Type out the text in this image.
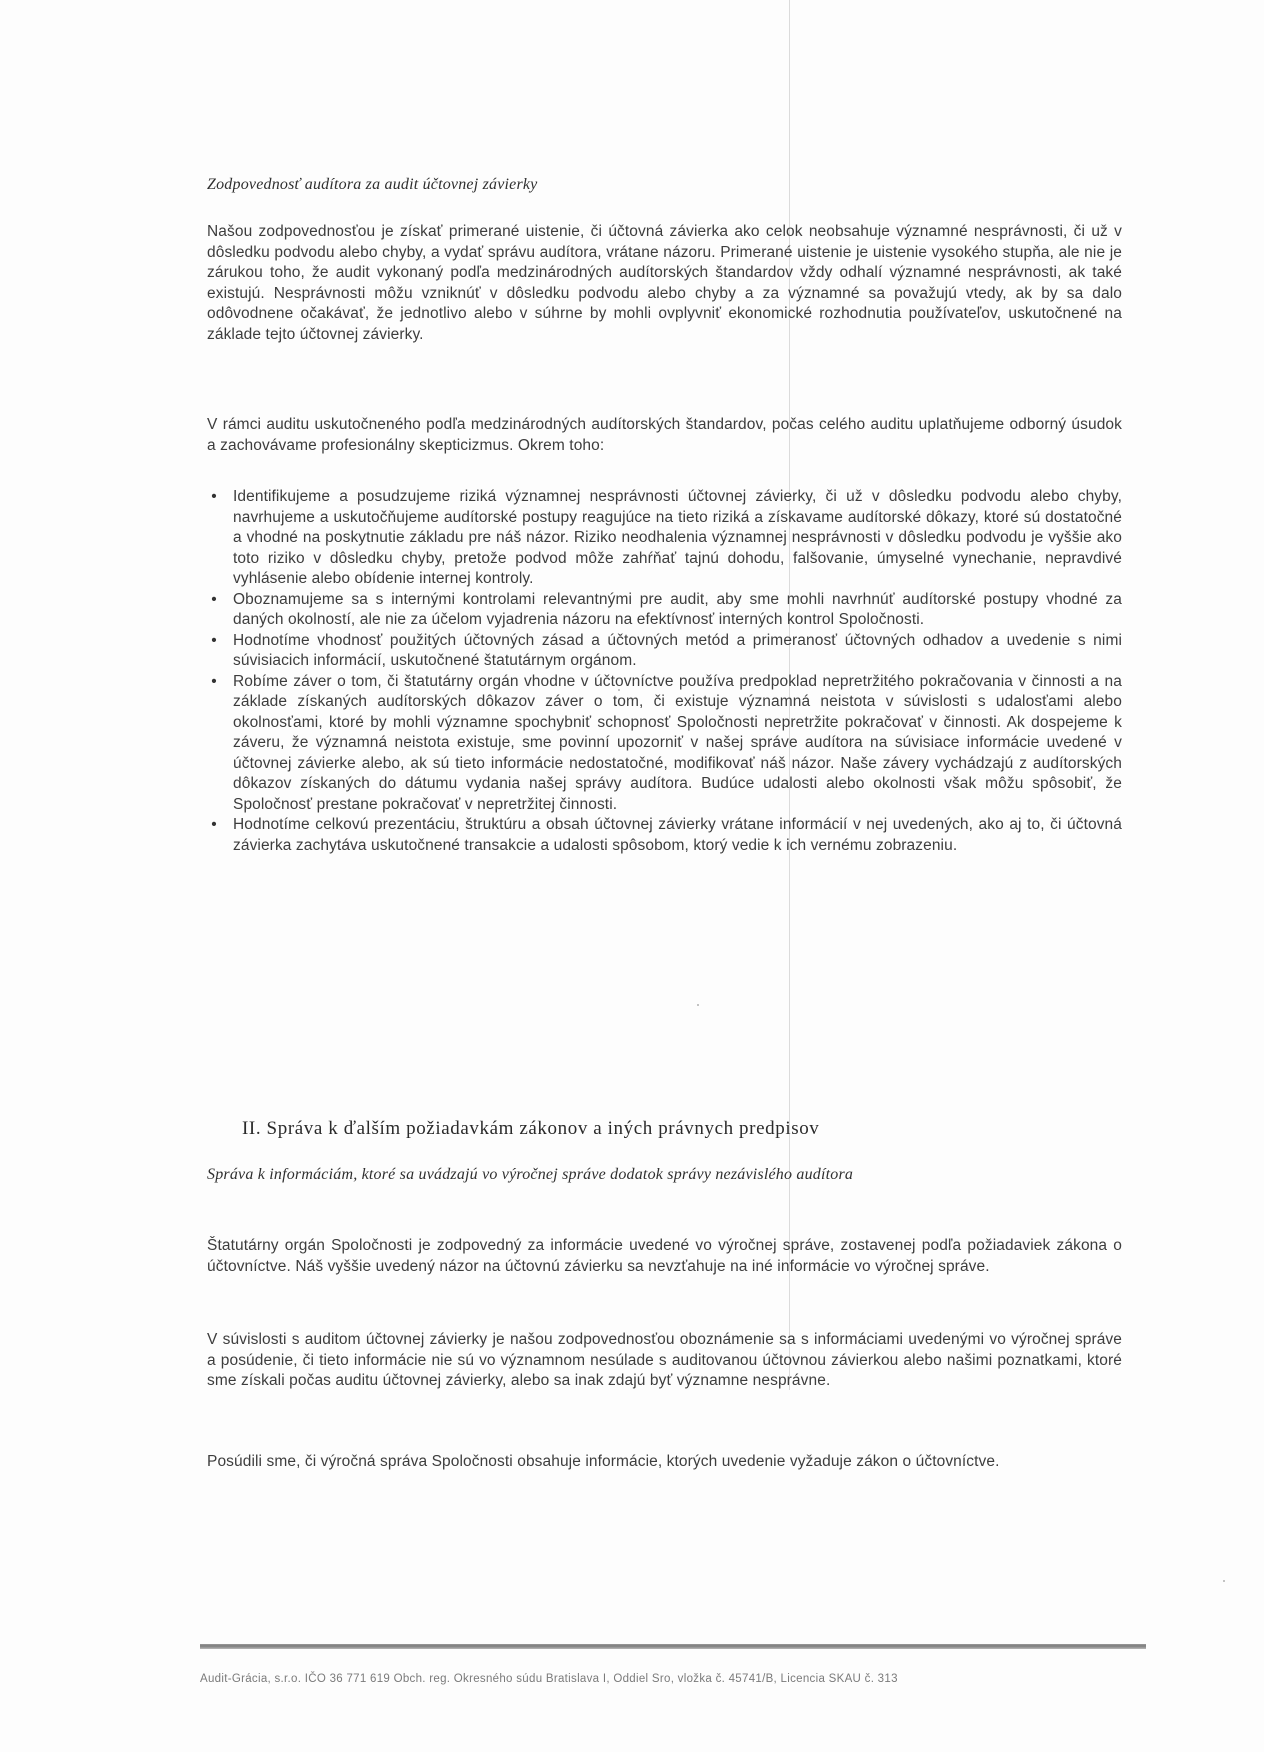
Zodpovednosť audítora za audit účtovnej závierky

Našou zodpovednosťou je získať primerané uistenie, či účtovná závierka ako celok neobsahuje významné nesprávnosti, či už v dôsledku podvodu alebo chyby, a vydať správu audítora, vrátane názoru. Primerané uistenie je uistenie vysokého stupňa, ale nie je zárukou toho, že audit vykonaný podľa medzinárodných audítorských štandardov vždy odhalí významné nesprávnosti, ak také existujú. Nesprávnosti môžu vzniknúť v dôsledku podvodu alebo chyby a za významné sa považujú vtedy, ak by sa dalo odôvodnene očakávať, že jednotlivo alebo v súhrne by mohli ovplyvniť ekonomické rozhodnutia používateľov, uskutočnené na základe tejto účtovnej závierky.

V rámci auditu uskutočneného podľa medzinárodných audítorských štandardov, počas celého auditu uplatňujeme odborný úsudok a zachovávame profesionálny skepticizmus. Okrem toho:

• Identifikujeme a posudzujeme riziká významnej nesprávnosti účtovnej závierky, či už v dôsledku podvodu alebo chyby, navrhujeme a uskutočňujeme audítorské postupy reagujúce na tieto riziká a získavame audítorské dôkazy, ktoré sú dostatočné a vhodné na poskytnutie základu pre náš názor. Riziko neodhalenia významnej nesprávnosti v dôsledku podvodu je vyššie ako toto riziko v dôsledku chyby, pretože podvod môže zahŕňať tajnú dohodu, falšovanie, úmyselné vynechanie, nepravdivé vyhlásenie alebo obídenie internej kontroly.
• Oboznamujeme sa s internými kontrolami relevantnými pre audit, aby sme mohli navrhnúť audítorské postupy vhodné za daných okolností, ale nie za účelom vyjadrenia názoru na efektívnosť interných kontrol Spoločnosti.
• Hodnotíme vhodnosť použitých účtovných zásad a účtovných metód a primeranosť účtovných odhadov a uvedenie s nimi súvisiacich informácií, uskutočnené štatutárnym orgánom.
• Robíme záver o tom, či štatutárny orgán vhodne v účtovníctve používa predpoklad nepretržitého pokračovania v činnosti a na základe získaných audítorských dôkazov záver o tom, či existuje významná neistota v súvislosti s udalosťami alebo okolnosťami, ktoré by mohli významne spochybniť schopnosť Spoločnosti nepretržite pokračovať v činnosti. Ak dospejeme k záveru, že významná neistota existuje, sme povinní upozorniť v našej správe audítora na súvisiace informácie uvedené v účtovnej závierke alebo, ak sú tieto informácie nedostatočné, modifikovať náš názor. Naše závery vychádzajú z audítorských dôkazov získaných do dátumu vydania našej správy audítora. Budúce udalosti alebo okolnosti však môžu spôsobiť, že Spoločnosť prestane pokračovať v nepretržitej činnosti.
• Hodnotíme celkovú prezentáciu, štruktúru a obsah účtovnej závierky vrátane informácií v nej uvedených, ako aj to, či účtovná závierka zachytáva uskutočnené transakcie a udalosti spôsobom, ktorý vedie k ich vernému zobrazeniu.

II. Správa k ďalším požiadavkám zákonov a iných právnych predpisov

Správa k informáciám, ktoré sa uvádzajú vo výročnej správe dodatok správy nezávislého audítora

Štatutárny orgán Spoločnosti je zodpovedný za informácie uvedené vo výročnej správe, zostavenej podľa požiadaviek zákona o účtovníctve. Náš vyššie uvedený názor na účtovnú závierku sa nevzťahuje na iné informácie vo výročnej správe.

V súvislosti s auditom účtovnej závierky je našou zodpovednosťou oboznámenie sa s informáciami uvedenými vo výročnej správe a posúdenie, či tieto informácie nie sú vo významnom nesúlade s auditovanou účtovnou závierkou alebo našimi poznatkami, ktoré sme získali počas auditu účtovnej závierky, alebo sa inak zdajú byť významne nesprávne.

Posúdili sme, či výročná správa Spoločnosti obsahuje informácie, ktorých uvedenie vyžaduje zákon o účtovníctve.

Audit-Grácia, s.r.o. IČO 36 771 619 Obch. reg. Okresného súdu Bratislava I, Oddiel Sro, vložka č. 45741/B, Licencia SKAU č. 313
